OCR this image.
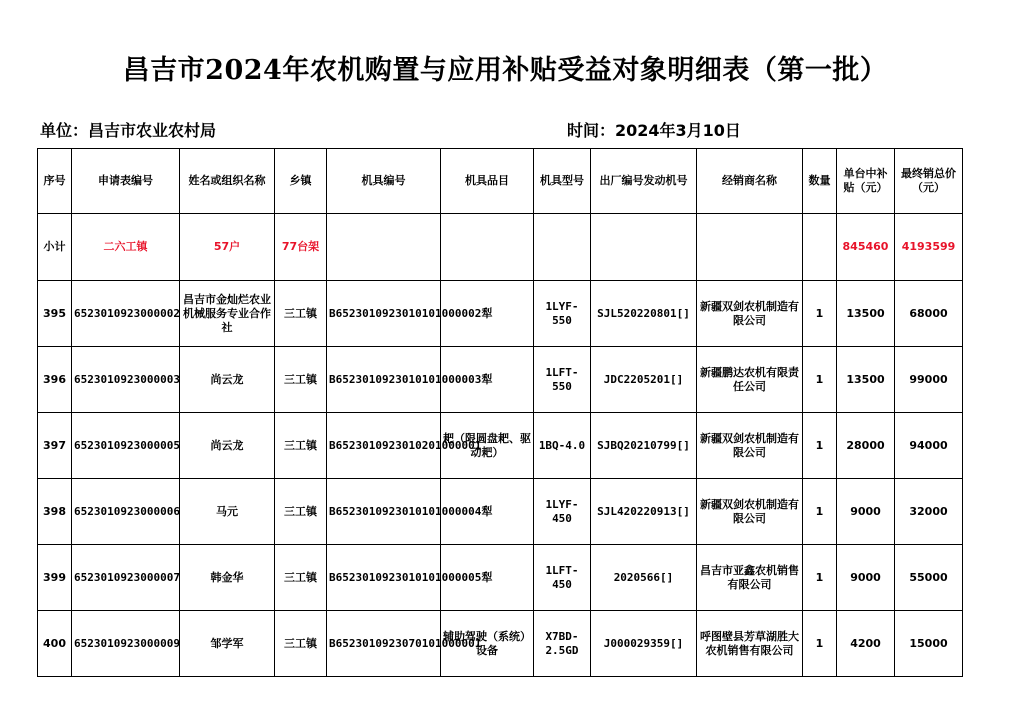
昌吉市2024年农机购置与应用补贴受益对象明细表（第一批）
单位：昌吉市农业农村局	时间：2024年3月10日
序号	申请表编号	姓名或组织名称	乡镇	机具编号	机具品目	机具型号	出厂编号发动机号	经销商名称	数量	单台中补贴（元）	最终销总价（元）
小计	二六工镇	57户	77台架							845460	4193599
395	6523010923000002	昌吉市金灿烂农业机械服务专业合作社	三工镇	B6523010923010101000002	犁	1LYF-550	SJL520220801[]	新疆双剑农机制造有限公司	1	13500	68000
396	6523010923000003	尚云龙	三工镇	B6523010923010101000003	犁	1LFT-550	JDC2205201[]	新疆鹏达农机有限责任公司	1	13500	99000
397	6523010923000005	尚云龙	三工镇	B6523010923010201000001	耙（限圆盘耙、驱动耙）	1BQ-4.0	SJBQ20210799[]	新疆双剑农机制造有限公司	1	28000	94000
398	6523010923000006	马元	三工镇	B6523010923010101000004	犁	1LYF-450	SJL420220913[]	新疆双剑农机制造有限公司	1	9000	32000
399	6523010923000007	韩金华	三工镇	B6523010923010101000005	犁	1LFT-450	2020566[]	昌吉市亚鑫农机销售有限公司	1	9000	55000
400	6523010923000009	邹学军	三工镇	B6523010923070101000001	辅助驾驶（系统）设备	X7BD-2.5GD	J000029359[]	呼图壁县芳草湖胜大农机销售有限公司	1	4200	15000
